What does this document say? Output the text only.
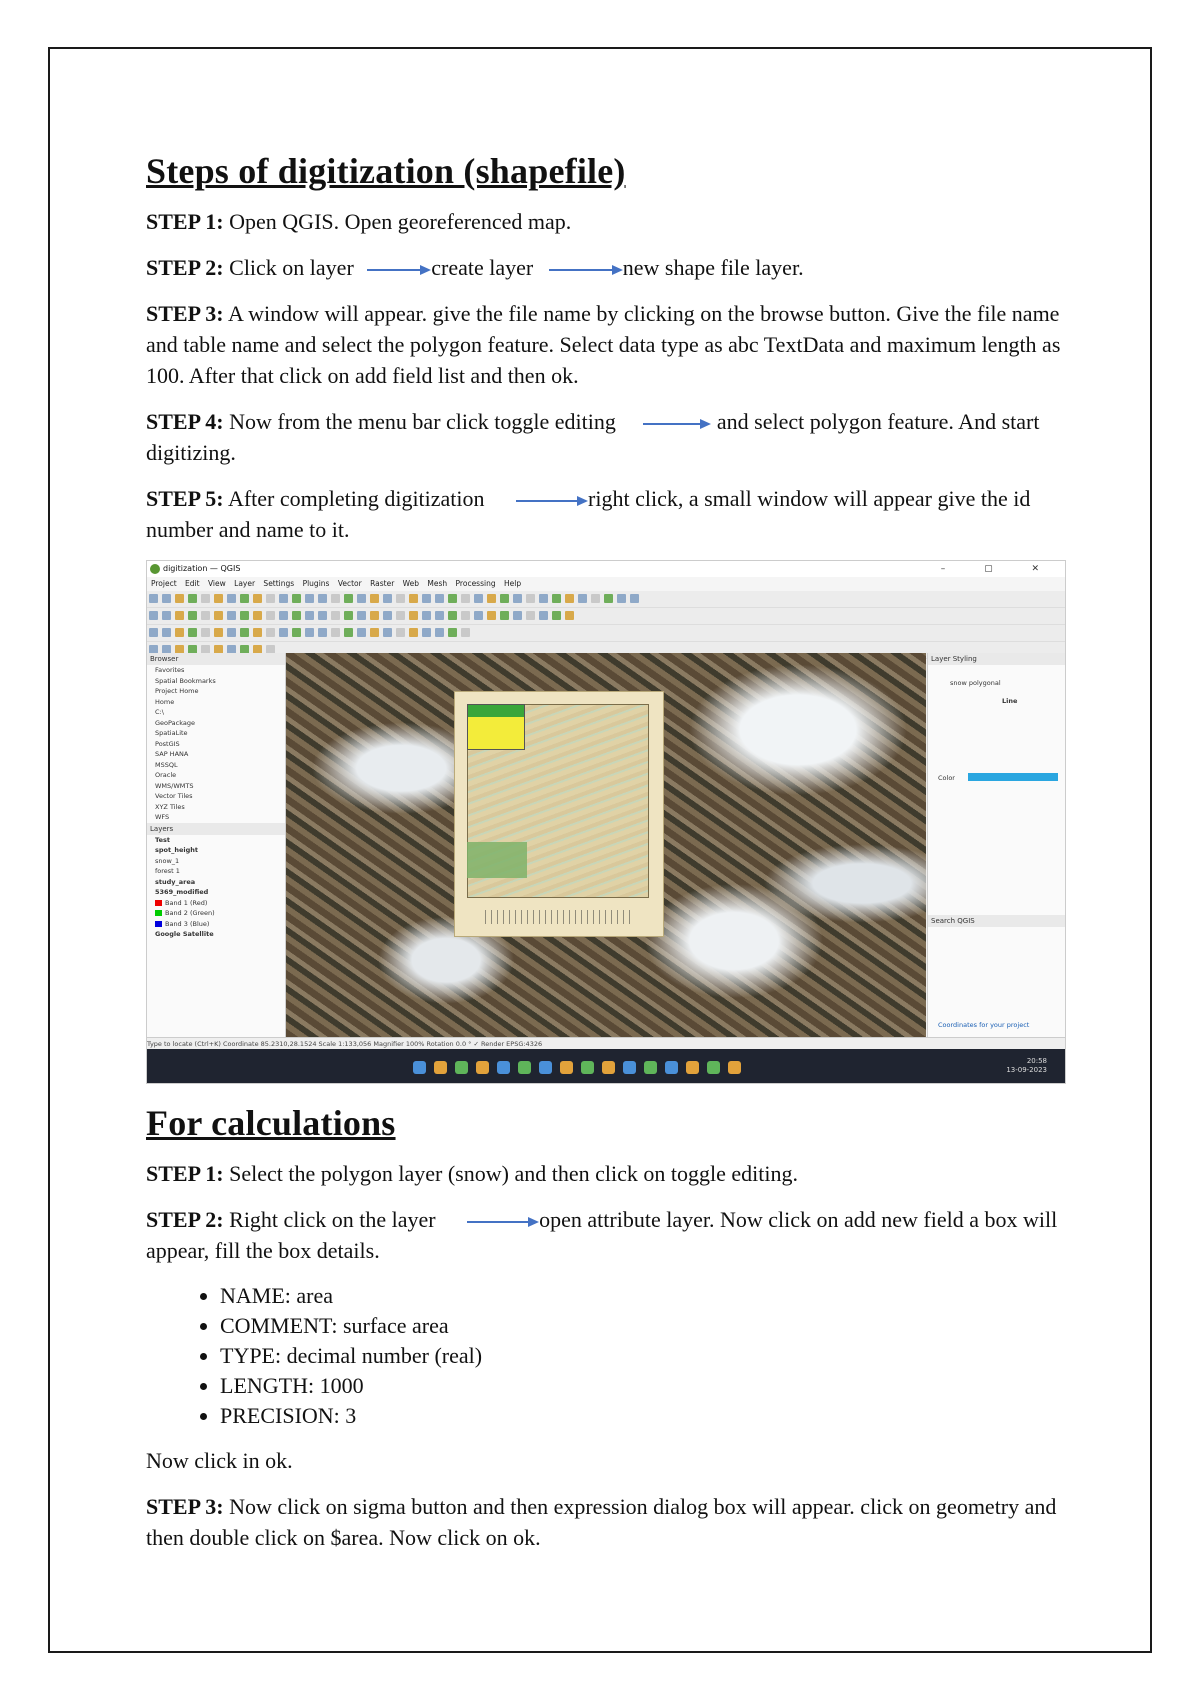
Steps of digitization (shapefile)

STEP 1: Open QGIS. Open georeferenced map.

STEP 2: Click on layer	create layer	new shape file layer.

STEP 3: A window will appear. give the file name by clicking on the browse button. Give the file name and table name and select the polygon feature. Select data type as abc TextData and maximum length as 100. After that click on add field list and then ok.

STEP 4: Now from the menu bar click toggle editing	and select polygon feature. And start digitizing.

STEP 5: After completing digitization	right click, a small window will appear give the id number and name to it.

digitization — QGIS	– ▢ ✕
Project Edit View Layer Settings Plugins Vector Raster Web Mesh Processing Help
Browser
Favorites
Spatial Bookmarks
Project Home
Home
C:\
GeoPackage
SpatiaLite
PostGIS
SAP HANA
MSSQL
Oracle
WMS/WMTS
Vector Tiles
XYZ Tiles
WFS
Layers
Test
spot_height
snow_1
forest 1
study_area
5369_modified
Band 1 (Red)
Band 2 (Green)
Band 3 (Blue)
Google Satellite
Layer Styling
snow polygonal
Line
Color
Search QGIS
Coordinates for your project
Type to locate (Ctrl+K) Coordinate 85.2310,28.1524 Scale 1:133,056 Magnifier 100% Rotation 0.0 ° ✓ Render EPSG:4326
20:58
13-09-2023
For calculations

STEP 1: Select the polygon layer (snow) and then click on toggle editing.

STEP 2: Right click on the layer	open attribute layer. Now click on add new field a box will appear, fill the box details.

• NAME: area
• COMMENT: surface area
• TYPE: decimal number (real)
• LENGTH: 1000
• PRECISION: 3

Now click in ok.

STEP 3: Now click on sigma button and then expression dialog box will appear. click on geometry and then double click on $area. Now click on ok.
